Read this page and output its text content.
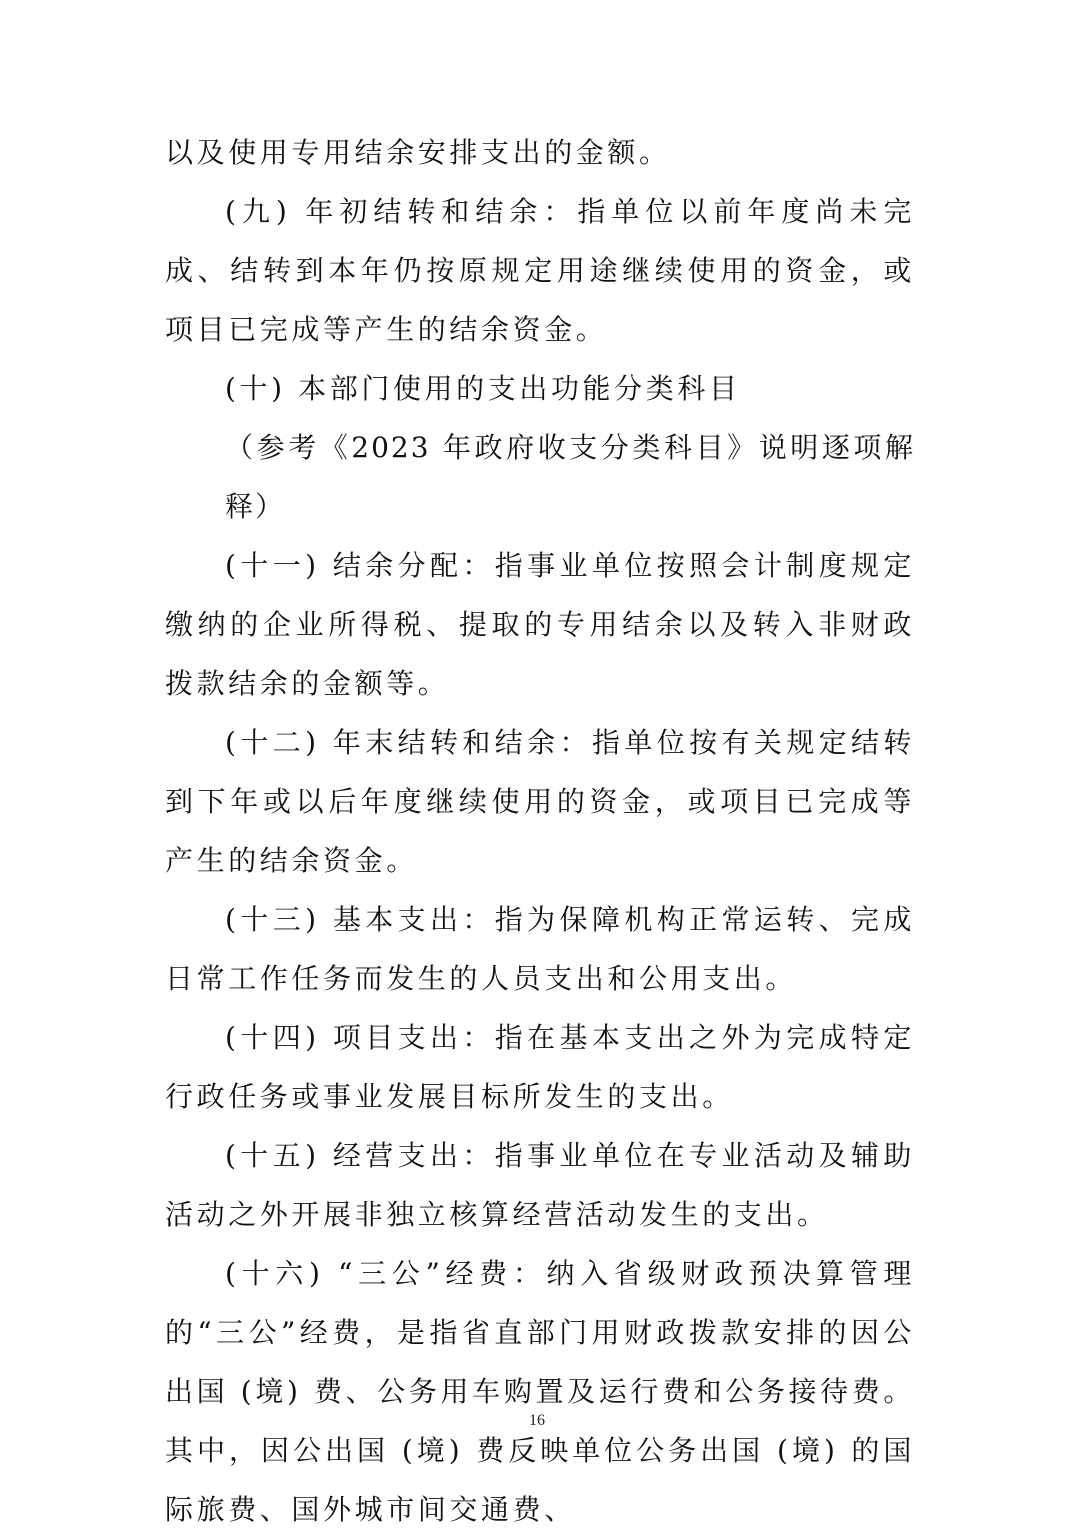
以及使用专用结余安排支出的金额。

(九) 年初结转和结余：指单位以前年度尚未完成、结转到本年仍按原规定用途继续使用的资金，或项目已完成等产生的结余资金。

(十) 本部门使用的支出功能分类科目

（参考《2023 年政府收支分类科目》说明逐项解释）

(十一) 结余分配：指事业单位按照会计制度规定缴纳的企业所得税、提取的专用结余以及转入非财政拨款结余的金额等。

(十二) 年末结转和结余：指单位按有关规定结转到下年或以后年度继续使用的资金，或项目已完成等产生的结余资金。

(十三) 基本支出：指为保障机构正常运转、完成日常工作任务而发生的人员支出和公用支出。

(十四) 项目支出：指在基本支出之外为完成特定行政任务或事业发展目标所发生的支出。

(十五) 经营支出：指事业单位在专业活动及辅助活动之外开展非独立核算经营活动发生的支出。

(十六) “三公”经费：纳入省级财政预决算管理的“三公”经费，是指省直部门用财政拨款安排的因公出国 (境) 费、公务用车购置及运行费和公务接待费。其中，因公出国 (境) 费反映单位公务出国 (境) 的国际旅费、国外城市间交通费、

16
